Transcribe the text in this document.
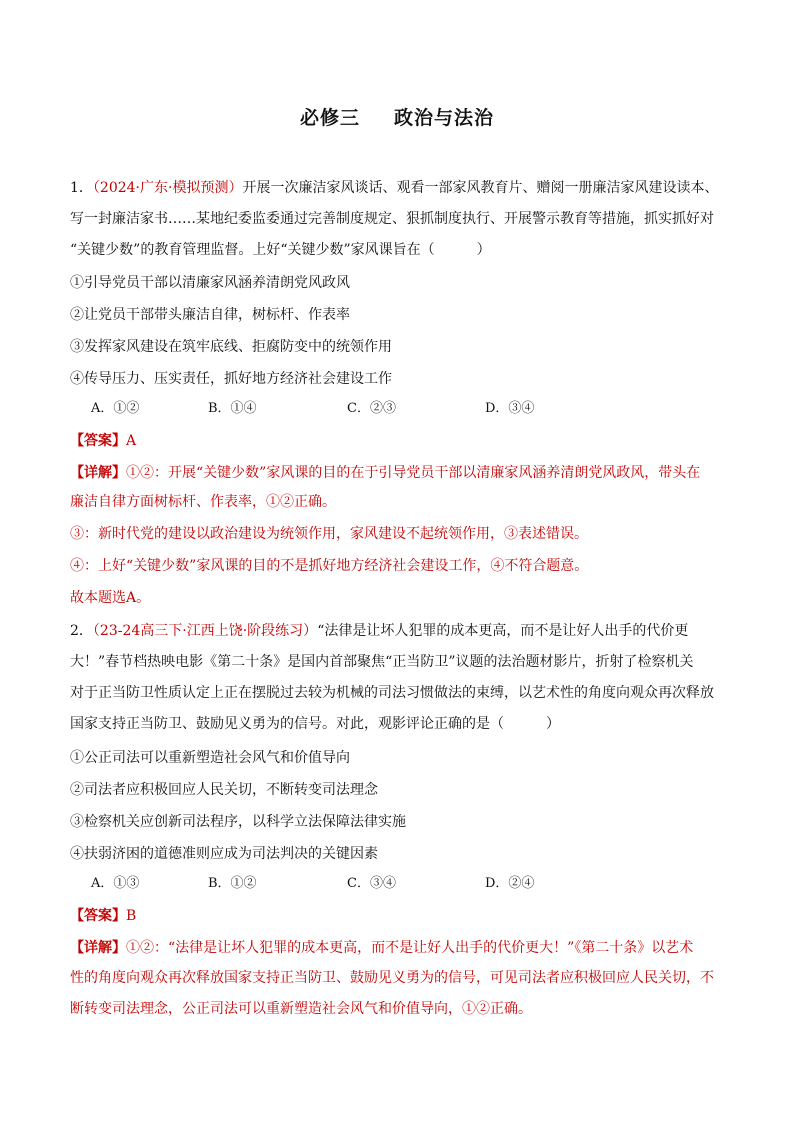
必修三 政治与法治
1．（2024·广东·模拟预测）开展一次廉洁家风谈话、观看一部家风教育片、赠阅一册廉洁家风建设读本、
写一封廉洁家书……某地纪委监委通过完善制度规定、狠抓制度执行、开展警示教育等措施，抓实抓好对
“关键少数”的教育管理监督。上好“关键少数”家风课旨在（　　　）
①引导党员干部以清廉家风涵养清朗党风政风
②让党员干部带头廉洁自律，树标杆、作表率
③发挥家风建设在筑牢底线、拒腐防变中的统领作用
④传导压力、压实责任，抓好地方经济社会建设工作
A．①②	B．①④	C．②③	D．③④
【答案】A
【详解】①②：开展“关键少数”家风课的目的在于引导党员干部以清廉家风涵养清朗党风政风，带头在
廉洁自律方面树标杆、作表率，①②正确。
③：新时代党的建设以政治建设为统领作用，家风建设不起统领作用，③表述错误。
④：上好“关键少数”家风课的目的不是抓好地方经济社会建设工作，④不符合题意。
故本题选A。
2．（23-24高三下·江西上饶·阶段练习）“法律是让坏人犯罪的成本更高，而不是让好人出手的代价更
大！”春节档热映电影《第二十条》是国内首部聚焦“正当防卫”议题的法治题材影片，折射了检察机关
对于正当防卫性质认定上正在摆脱过去较为机械的司法习惯做法的束缚，以艺术性的角度向观众再次释放
国家支持正当防卫、鼓励见义勇为的信号。对此，观影评论正确的是（　　　）
①公正司法可以重新塑造社会风气和价值导向
②司法者应积极回应人民关切，不断转变司法理念
③检察机关应创新司法程序，以科学立法保障法律实施
④扶弱济困的道德准则应成为司法判决的关键因素
A．①③	B．①②	C．③④	D．②④
【答案】B
【详解】①②：“法律是让坏人犯罪的成本更高，而不是让好人出手的代价更大！”《第二十条》以艺术
性的角度向观众再次释放国家支持正当防卫、鼓励见义勇为的信号，可见司法者应积极回应人民关切，不
断转变司法理念，公正司法可以重新塑造社会风气和价值导向，①②正确。
